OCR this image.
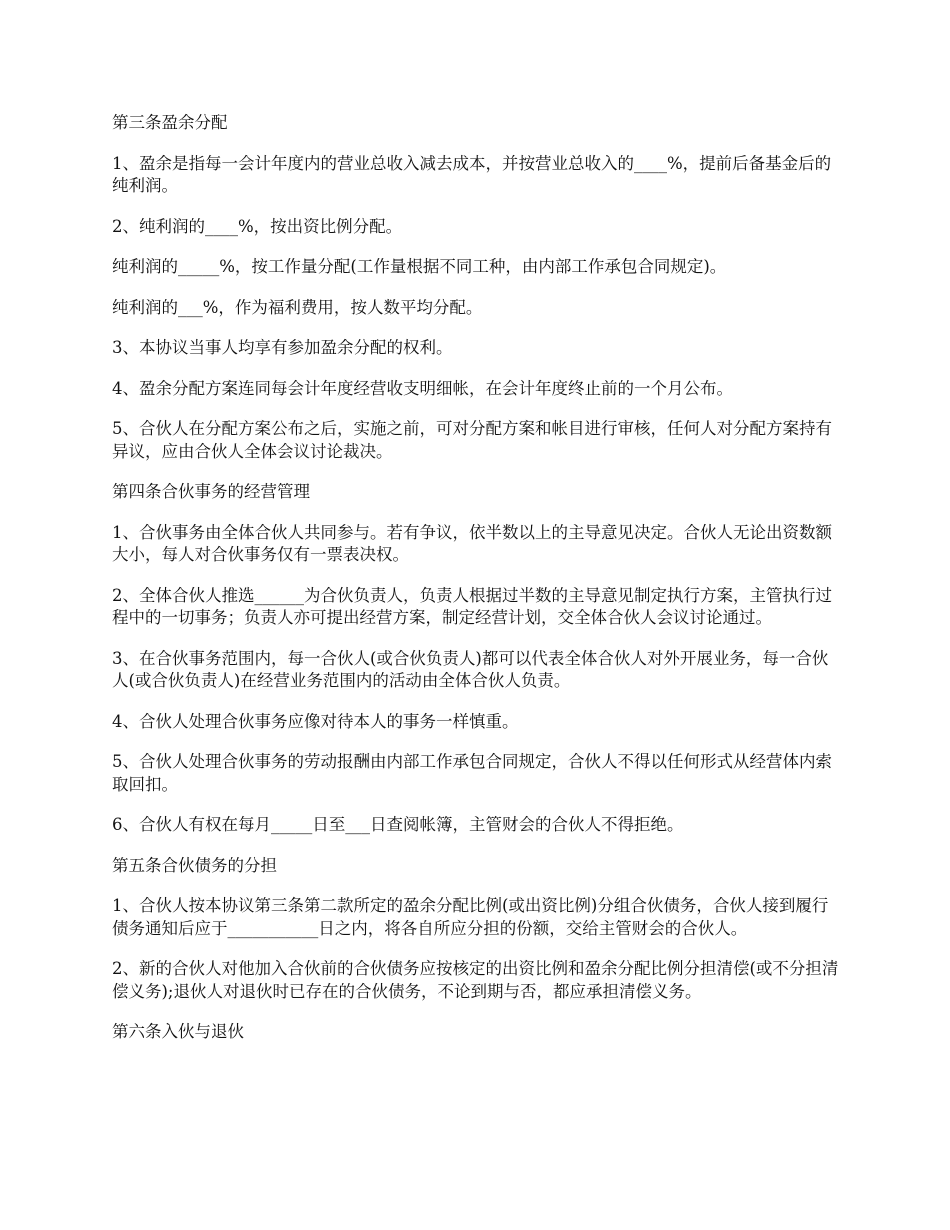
第三条盈余分配

1、盈余是指每一会计年度内的营业总收入减去成本，并按营业总收入的____%，提前后备基金后的纯利润。

2、纯利润的____%，按出资比例分配。

纯利润的_____%，按工作量分配(工作量根据不同工种，由内部工作承包合同规定)。

纯利润的___%，作为福利费用，按人数平均分配。

3、本协议当事人均享有参加盈余分配的权利。

4、盈余分配方案连同每会计年度经营收支明细帐，在会计年度终止前的一个月公布。

5、合伙人在分配方案公布之后，实施之前，可对分配方案和帐目进行审核，任何人对分配方案持有异议，应由合伙人全体会议讨论裁决。

第四条合伙事务的经营管理

1、合伙事务由全体合伙人共同参与。若有争议，依半数以上的主导意见决定。合伙人无论出资数额大小，每人对合伙事务仅有一票表决权。

2、全体合伙人推选______为合伙负责人，负责人根据过半数的主导意见制定执行方案，主管执行过程中的一切事务；负责人亦可提出经营方案，制定经营计划，交全体合伙人会议讨论通过。

3、在合伙事务范围内，每一合伙人(或合伙负责人)都可以代表全体合伙人对外开展业务，每一合伙人(或合伙负责人)在经营业务范围内的活动由全体合伙人负责。

4、合伙人处理合伙事务应像对待本人的事务一样慎重。

5、合伙人处理合伙事务的劳动报酬由内部工作承包合同规定，合伙人不得以任何形式从经营体内索取回扣。

6、合伙人有权在每月_____日至___日查阅帐簿，主管财会的合伙人不得拒绝。

第五条合伙债务的分担

1、合伙人按本协议第三条第二款所定的盈余分配比例(或出资比例)分组合伙债务，合伙人接到履行债务通知后应于___________日之内，将各自所应分担的份额，交给主管财会的合伙人。

2、新的合伙人对他加入合伙前的合伙债务应按核定的出资比例和盈余分配比例分担清偿(或不分担清偿义务);退伙人对退伙时已存在的合伙债务，不论到期与否，都应承担清偿义务。

第六条入伙与退伙
